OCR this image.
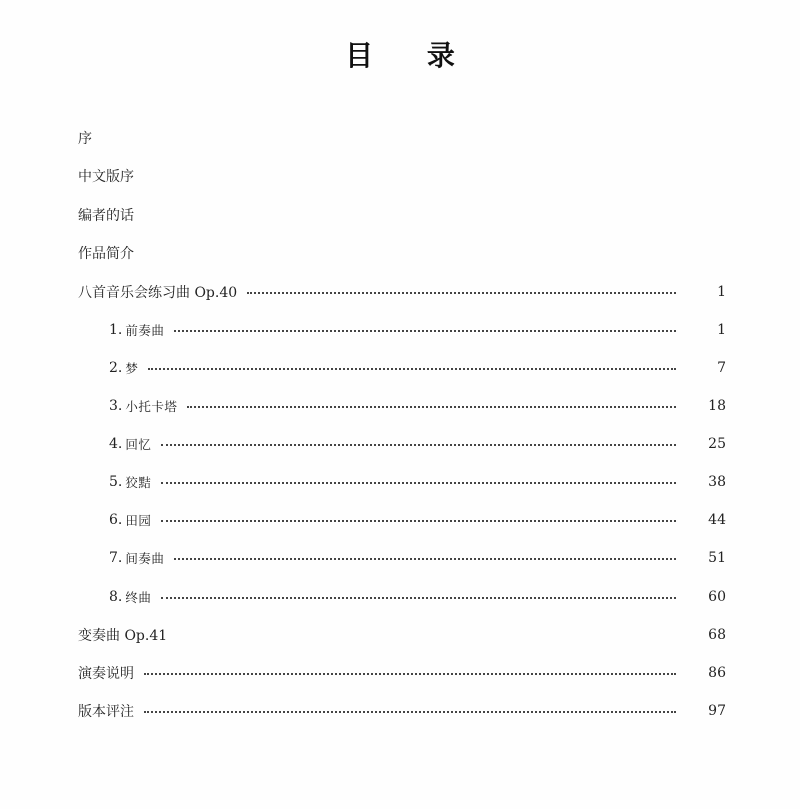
目 录
序
中文版序
编者的话
作品简介
八首音乐会练习曲 Op.40	1
1. 前奏曲	1
2. 梦	7
3. 小托卡塔	18
4. 回忆	25
5. 狡黠	38
6. 田园	44
7. 间奏曲	51
8. 终曲	60
变奏曲 Op.41	68
演奏说明	86
版本评注	97
